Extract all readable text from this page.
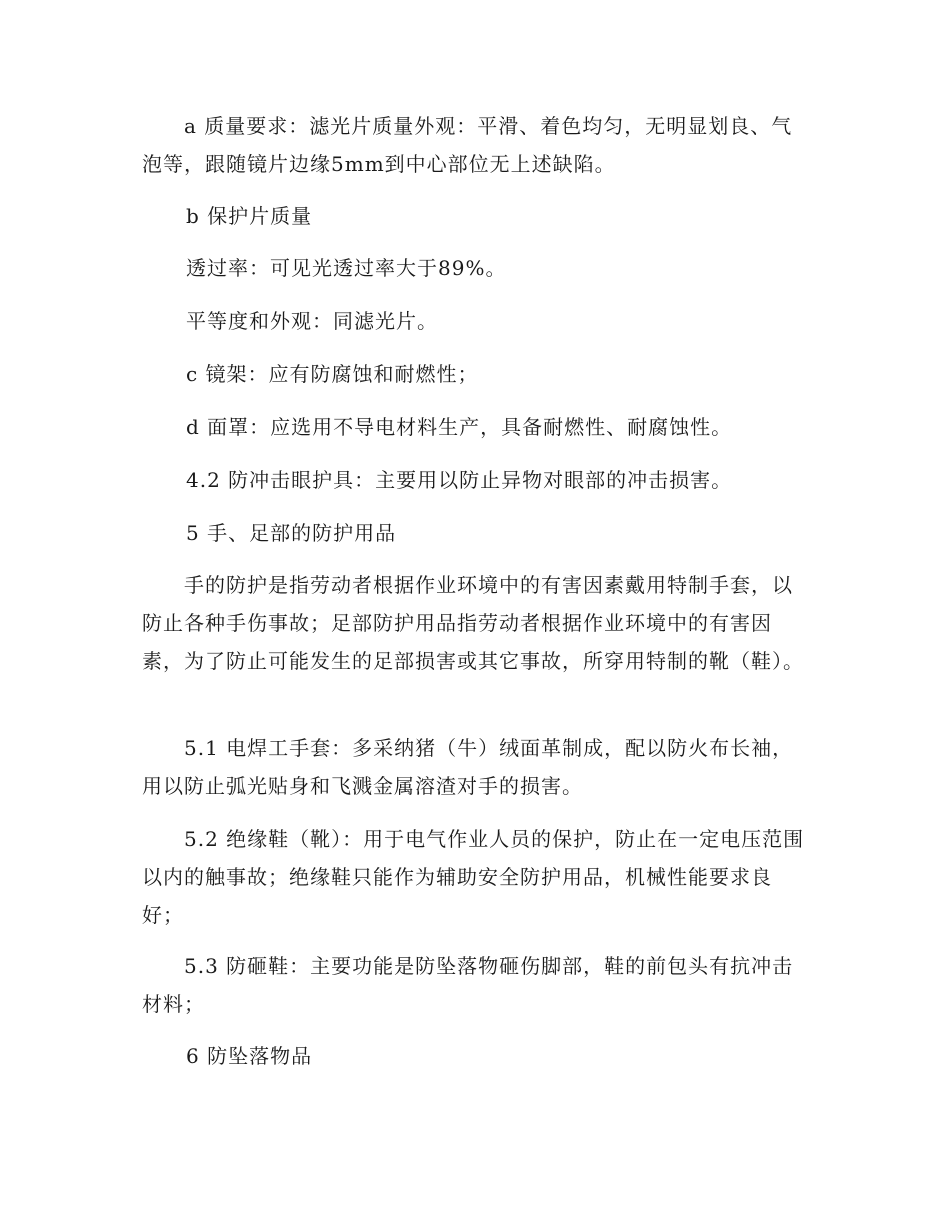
a 质量要求：滤光片质量外观：平滑、着色均匀，无明显划良、气泡等，跟随镜片边缘5mm到中心部位无上述缺陷。

b 保护片质量

透过率：可见光透过率大于89%。

平等度和外观：同滤光片。

c 镜架：应有防腐蚀和耐燃性；

d 面罩：应选用不导电材料生产，具备耐燃性、耐腐蚀性。

4.2 防冲击眼护具：主要用以防止异物对眼部的冲击损害。

5 手、足部的防护用品

手的防护是指劳动者根据作业环境中的有害因素戴用特制手套，以防止各种手伤事故；足部防护用品指劳动者根据作业环境中的有害因素，为了防止可能发生的足部损害或其它事故，所穿用特制的靴（鞋）。

5.1 电焊工手套：多采纳猪（牛）绒面革制成，配以防火布长袖，用以防止弧光贴身和飞溅金属溶渣对手的损害。

5.2 绝缘鞋（靴）：用于电气作业人员的保护，防止在一定电压范围以内的触事故；绝缘鞋只能作为辅助安全防护用品，机械性能要求良好；

5.3 防砸鞋：主要功能是防坠落物砸伤脚部，鞋的前包头有抗冲击材料；

6 防坠落物品
